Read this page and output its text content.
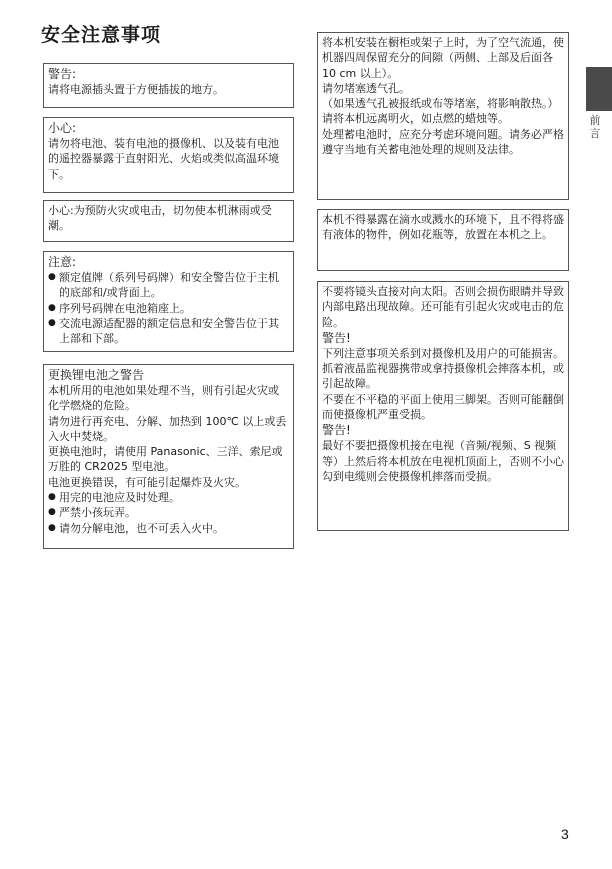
安全注意事项

警告:

请将电源插头置于方便插拔的地方。

小心:

请勿将电池、装有电池的摄像机、以及装有电池的遥控器暴露于直射阳光、火焰或类似高温环境下。

小心:为预防火灾或电击，切勿使本机淋雨或受潮。

注意:

● 额定值牌（系列号码牌）和安全警告位于主机的底部和/或背面上。
● 序列号码牌在电池箱座上。
● 交流电源适配器的额定信息和安全警告位于其上部和下部。

更换锂电池之警告

本机所用的电池如果处理不当，则有引起火灾或化学燃烧的危险。

请勿进行再充电、分解、加热到 100℃ 以上或丢入火中焚烧。

更换电池时，请使用 Panasonic、三洋、索尼或万胜的 CR2025 型电池。

电池更换错误，有可能引起爆炸及火灾。

● 用完的电池应及时处理。
● 严禁小孩玩弄。
● 请勿分解电池，也不可丢入火中。

将本机安装在橱柜或架子上时，为了空气流通，使机器四周保留充分的间隙（两侧、上部及后面各 10 cm 以上）。

请勿堵塞透气孔。

（如果透气孔被报纸或布等堵塞，将影响散热。）

请将本机远离明火，如点燃的蜡烛等。

处理蓄电池时，应充分考虑环境问题。请务必严格遵守当地有关蓄电池处理的规则及法律。

本机不得暴露在滴水或溅水的环境下，且不得将盛有液体的物件，例如花瓶等，放置在本机之上。

不要将镜头直接对向太阳。否则会损伤眼睛并导致内部电路出现故障。还可能有引起火灾或电击的危险。

警告!

下列注意事项关系到对摄像机及用户的可能损害。

抓着液晶监视器携带或拿持摄像机会摔落本机，或引起故障。

不要在不平稳的平面上使用三脚架。否则可能翻倒而使摄像机严重受损。

警告!

最好不要把摄像机接在电视（音频/视频、S 视频等）上然后将本机放在电视机顶面上，否则不小心勾到电缆则会使摄像机摔落而受损。

前言
3
